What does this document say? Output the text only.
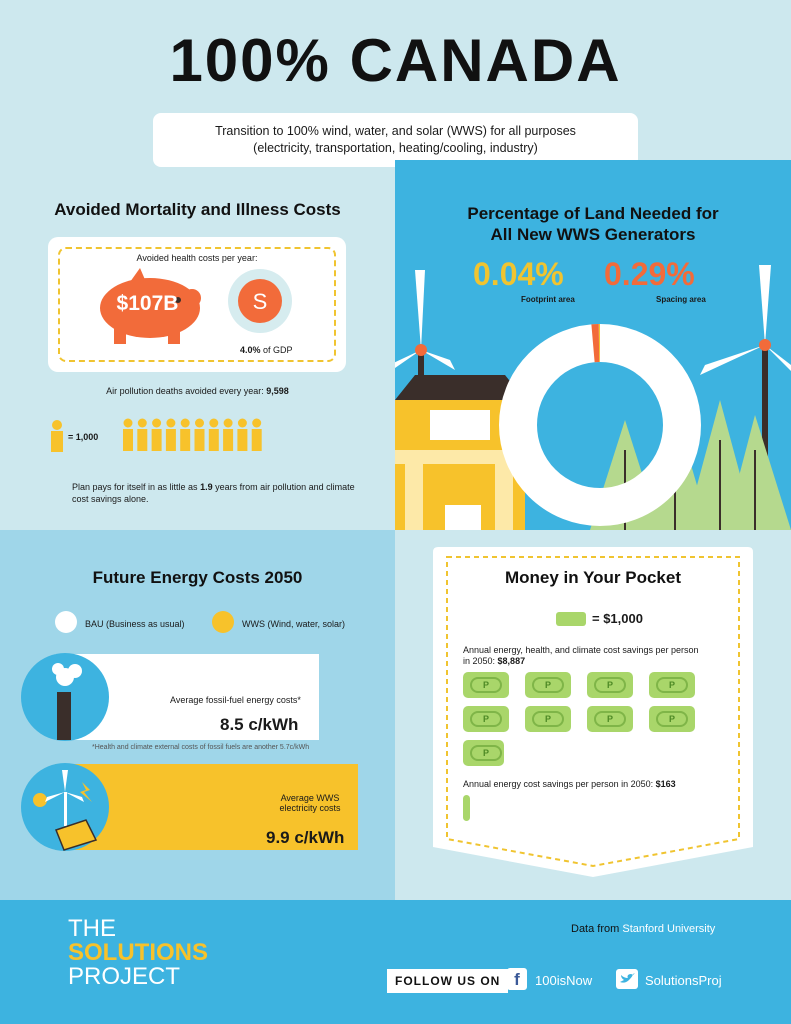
100% CANADA
Transition to 100% wind, water, and solar (WWS) for all purposes
(electricity, transportation, heating/cooling, industry)
Avoided Mortality and Illness Costs
Avoided health costs per year:
$107B	S
4.0% of GDP
Air pollution deaths avoided every year: 9,598
= 1,000
Plan pays for itself in as little as 1.9 years from air pollution and climate
cost savings alone.
Percentage of Land Needed for
All New WWS Generators
0.04%
Footprint area
0.29%
Spacing area
Future Energy Costs 2050
BAU (Business as usual)	WWS (Wind, water, solar)
Average fossil-fuel energy costs*
8.5 c/kWh
*Health and climate external costs of fossil fuels are another 5.7c/kWh
Average WWS
electricity costs
9.9 c/kWh
Money in Your Pocket
= $1,000
Annual energy, health, and climate cost savings per person
in 2050: $8,887
P	P	P	P
P	P	P	P
P
Annual energy cost savings per person in 2050: $163
THE
SOLUTIONS
PROJECT
Data from Stanford University
FOLLOW US ON f	100isNow	SolutionsProj
